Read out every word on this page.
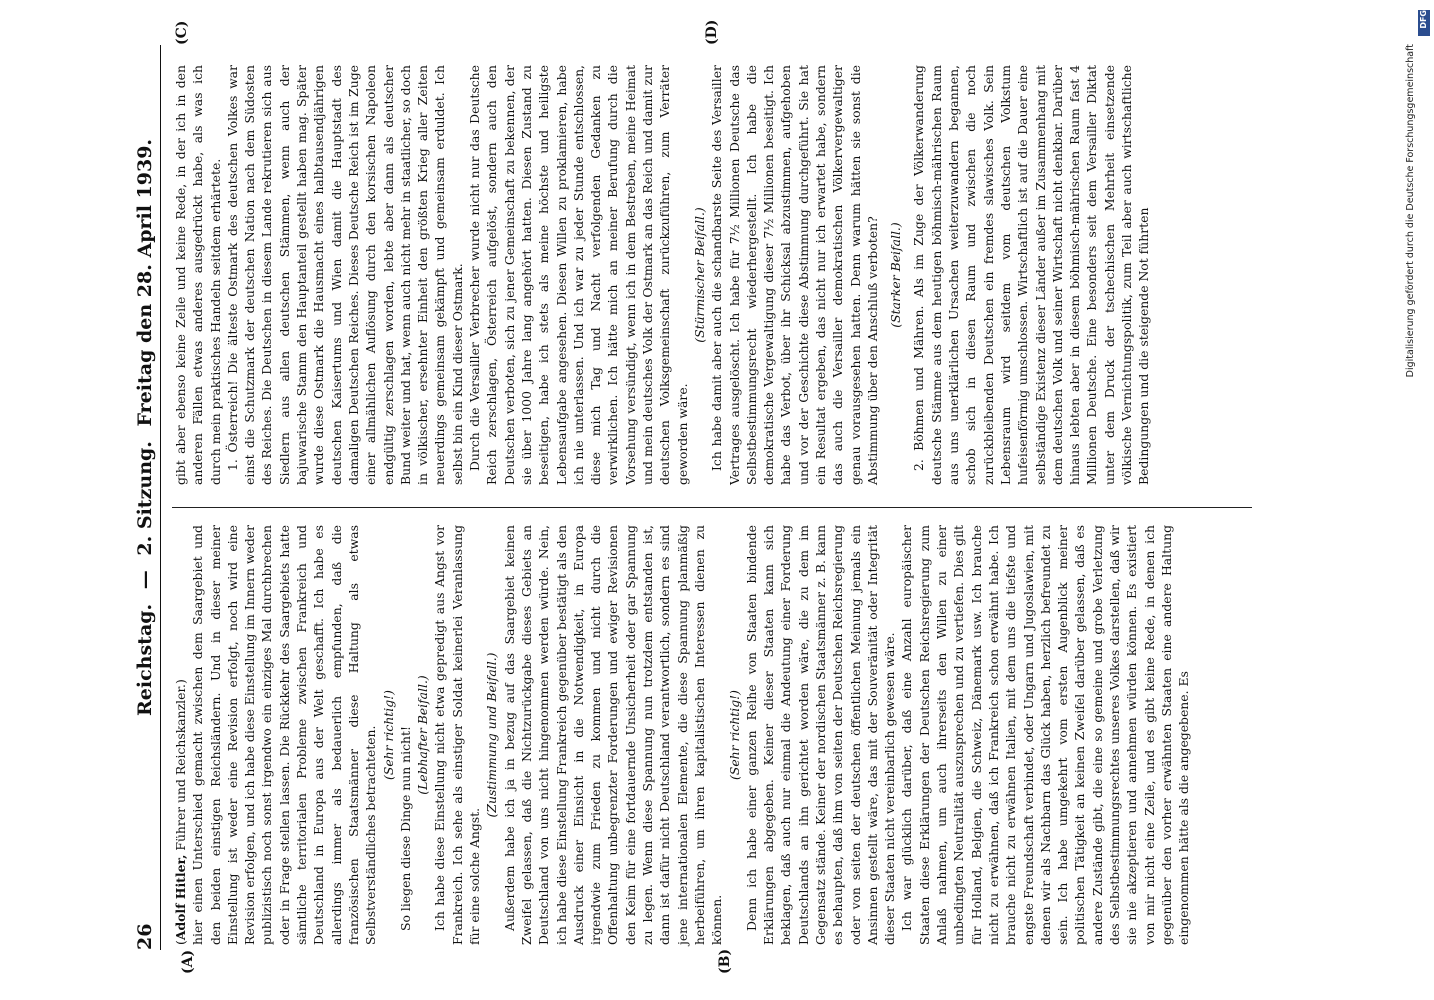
26
Reichstag. — 2. Sitzung. Freitag den 28. April 1939.
(A)	(B)
(C)	(D)

(Adolf Hitler, Führer und Reichskanzler.) hier einen Unterschied gemacht zwischen dem Saargebiet und den beiden einstigen Reichsländern. Und in dieser meiner Einstellung ist weder eine Revision erfolgt, noch wird eine Revision erfolgen, und ich habe diese Einstellung im Innern weder publizistisch noch sonst irgendwo ein einziges Mal durchbrechen oder in Frage stellen lassen. Die Rückkehr des Saargebiets hatte sämtliche territorialen Probleme zwischen Frankreich und Deutschland in Europa aus der Welt geschafft. Ich habe es allerdings immer als bedauerlich empfunden, daß die französischen Staatsmänner diese Haltung als etwas Selbstverständliches betrachteten. (Sehr richtig!) So liegen diese Dinge nun nicht! (Lebhafter Beifall.) Ich habe diese Einstellung nicht etwa gepredigt aus Angst vor Frankreich. Ich sehe als einstiger Soldat keinerlei Veranlassung für eine solche Angst.

(Zustimmung und Beifall.) Außerdem habe ich ja in bezug auf das Saargebiet keinen Zweifel gelassen, daß die Nichtzurückgabe dieses Gebiets an Deutschland von uns nicht hingenommen werden würde. Nein, ich habe diese Einstellung Frankreich gegenüber bestätigt als den Ausdruck einer Einsicht in die Notwendigkeit, in Europa irgendwie zum Frieden zu kommen und nicht durch die Offenhaltung unbegrenzter Forderungen und ewiger Revisionen den Keim für eine fortdauernde Unsicherheit oder gar Spannung zu legen. Wenn diese Spannung nun trotzdem entstanden ist, dann ist dafür nicht Deutschland verantwortlich, sondern es sind jene internationalen Elemente, die diese Spannung planmäßig herbeiführen, um ihren kapitalistischen Interessen dienen zu können.

(Sehr richtig!) Denn ich habe einer ganzen Reihe von Staaten bindende Erklärungen abgegeben. Keiner dieser Staaten kann sich beklagen, daß auch nur einmal die Andeutung einer Forderung Deutschlands an ihn gerichtet worden wäre, die zu dem im Gegensatz stände. Keiner der nordischen Staatsmänner z. B. kann es behaupten, daß ihm von seiten der Deutschen Reichsregierung oder von seiten der deutschen öffentlichen Meinung jemals ein Ansinnen gestellt wäre, das mit der Souveränität oder Integrität dieser Staaten nicht vereinbarlich gewesen wäre. Ich war glücklich darüber, daß eine Anzahl europäischer Staaten diese Erklärungen der Deutschen Reichsregierung zum Anlaß nahmen, um auch ihrerseits den Willen zu einer unbedingten Neutralität auszusprechen und zu vertiefen. Dies gilt für Holland, Belgien, die Schweiz, Dänemark usw. Ich brauche nicht zu erwähnen, daß ich Frankreich schon erwähnt habe. Ich brauche nicht zu erwähnen Italien, mit dem uns die tiefste und engste Freundschaft verbindet, oder Ungarn und Jugoslawien, mit denen wir als Nachbarn das Glück haben, herzlich befreundet zu sein. Ich habe umgekehrt vom ersten Augenblick meiner politischen Tätigkeit an keinen Zweifel darüber gelassen, daß es andere Zustände gibt, die eine so gemeine und grobe Verletzung des Selbstbestimmungsrechtes unseres Volkes darstellen, daß wir sie nie akzeptieren und annehmen würden können. Es existiert von mir nicht eine Zeile, und es gibt keine Rede, in denen ich gegenüber den vorher erwähnten Staaten eine andere Haltung eingenommen hätte als die angegebene. Es

gibt aber ebenso keine Zeile und keine Rede, in der ich in den anderen Fällen etwas anderes ausgedrückt habe, als was ich durch mein praktisches Handeln seitdem erhärtete. 1. Österreich! Die älteste Ostmark des deutschen Volkes war einst die Schutzmark der deutschen Nation nach dem Südosten des Reiches. Die Deutschen in diesem Lande rekrutieren sich aus Siedlern aus allen deutschen Stämmen, wenn auch der bajuwarische Stamm den Hauptanteil gestellt haben mag. Später wurde diese Ostmark die Hausmacht eines halbtausendjährigen deutschen Kaisertums und Wien damit die Hauptstadt des damaligen Deutschen Reiches. Dieses Deutsche Reich ist im Zuge einer allmählichen Auflösung durch den korsischen Napoleon endgültig zerschlagen worden, lebte aber dann als deutscher Bund weiter und hat, wenn auch nicht mehr in staatlicher, so doch in völkischer, ersehnter Einheit den größten Krieg aller Zeiten neuerdings gemeinsam gekämpft und gemeinsam erduldet. Ich selbst bin ein Kind dieser Ostmark. Durch die Versailler Verbrecher wurde nicht nur das Deutsche Reich zerschlagen, Österreich aufgelöst, sondern auch den Deutschen verboten, sich zu jener Gemeinschaft zu bekennen, der sie über 1000 Jahre lang angehört hatten. Diesen Zustand zu beseitigen, habe ich stets als meine höchste und heiligste Lebensaufgabe angesehen. Diesen Willen zu proklamieren, habe ich nie unterlassen. Und ich war zu jeder Stunde entschlossen, diese mich Tag und Nacht verfolgenden Gedanken zu verwirklichen. Ich hätte mich an meiner Berufung durch die Vorsehung versündigt, wenn ich in dem Bestreben, meine Heimat und mein deutsches Volk der Ostmark an das Reich und damit zur deutschen Volksgemeinschaft zurückzuführen, zum Verräter geworden wäre.

(Stürmischer Beifall.) Ich habe damit aber auch die schandbarste Seite des Versailler Vertrages ausgelöscht. Ich habe für 7½ Millionen Deutsche das Selbstbestimmungsrecht wiederhergestellt. Ich habe die demokratische Vergewaltigung dieser 7½ Millionen beseitigt. Ich habe das Verbot, über ihr Schicksal abzustimmen, aufgehoben und vor der Geschichte diese Abstimmung durchgeführt. Sie hat ein Resultat ergeben, das nicht nur ich erwartet habe, sondern das auch die Versailler demokratischen Völkervergewaltiger genau vorausgesehen hatten. Denn warum hätten sie sonst die Abstimmung über den Anschluß verboten? (Starker Beifall.) 2. Böhmen und Mähren. Als im Zuge der Völkerwanderung deutsche Stämme aus dem heutigen böhmisch-mährischen Raum aus uns unerklärlichen Ursachen weiterzuwandern begannen, schob sich in diesen Raum und zwischen die noch zurückbleibenden Deutschen ein fremdes slawisches Volk. Sein Lebensraum wird seitdem vom deutschen Volkstum hufeisenförmig umschlossen. Wirtschaftlich ist auf die Dauer eine selbständige Existenz dieser Länder außer im Zusammenhang mit dem deutschen Volk und seiner Wirtschaft nicht denkbar. Darüber hinaus lebten aber in diesem böhmisch-mährischen Raum fast 4 Millionen Deutsche. Eine besonders seit dem Versailler Diktat unter dem Druck der tschechischen Mehrheit einsetzende völkische Vernichtungspolitik, zum Teil aber auch wirtschaftliche Bedingungen und die steigende Not führten

DFG
Digitalisierung gefördert durch die Deutsche Forschungsgemeinschaft
